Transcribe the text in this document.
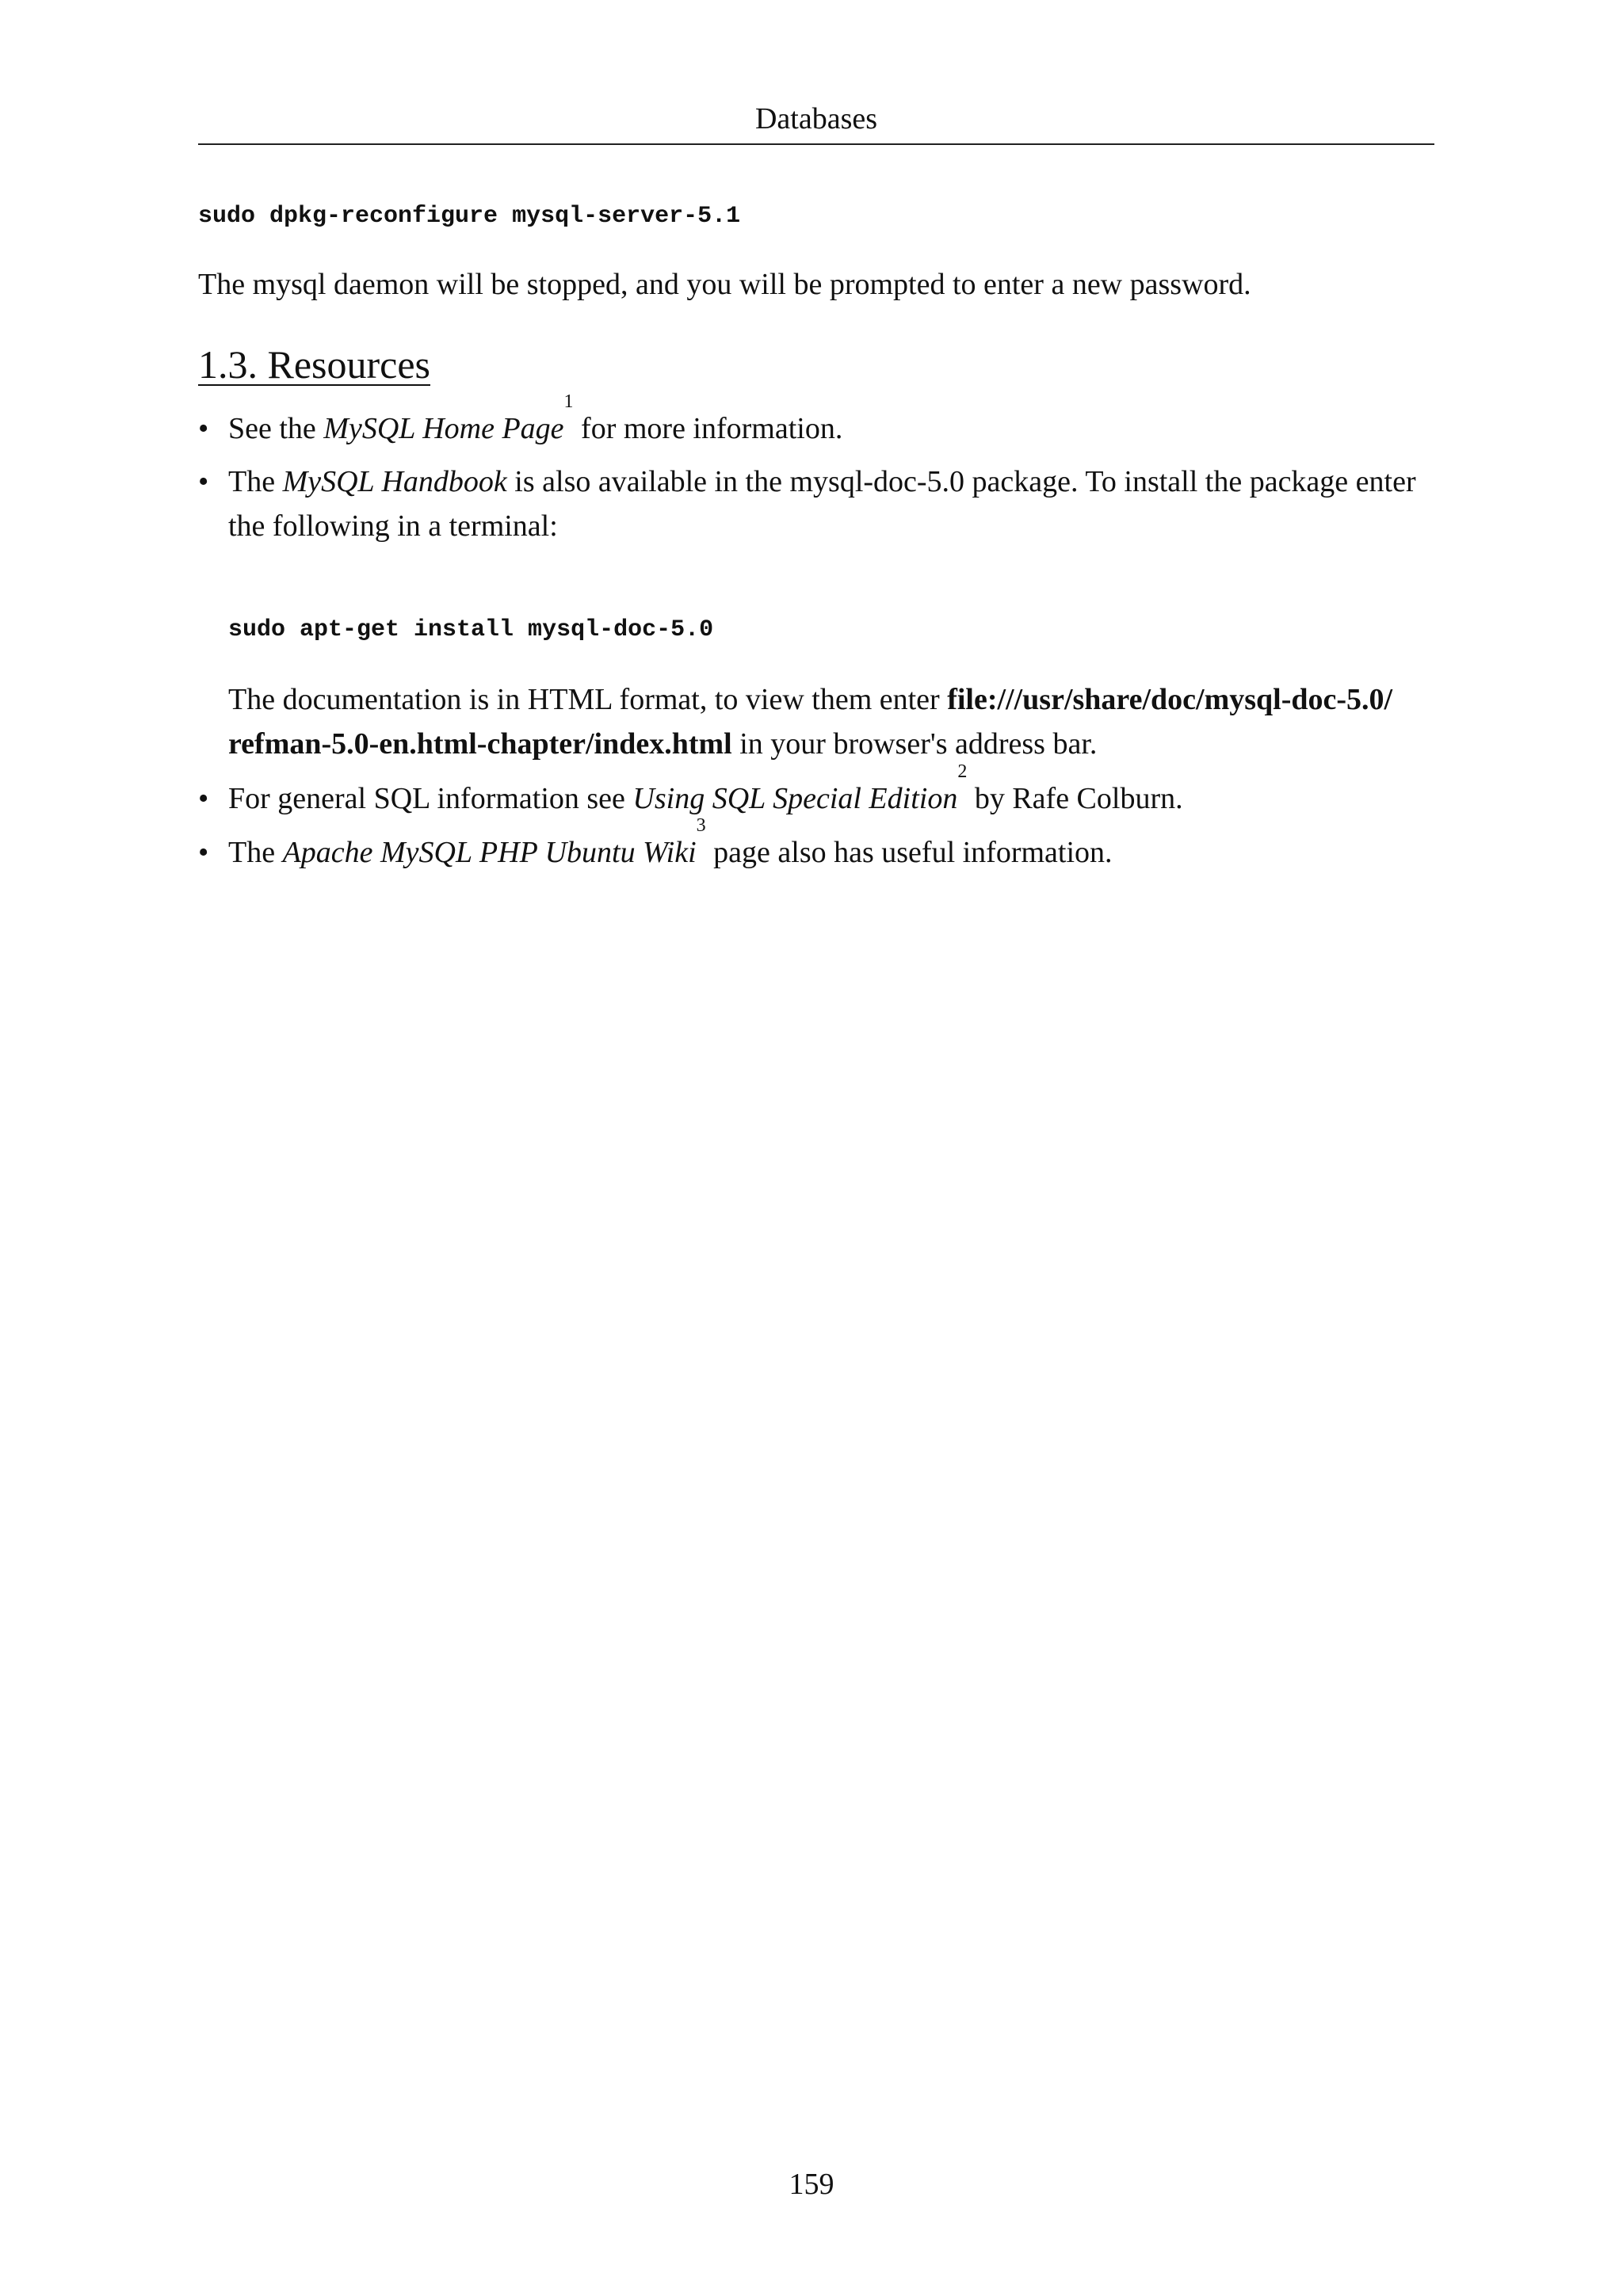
Databases
sudo dpkg-reconfigure mysql-server-5.1
The mysql daemon will be stopped, and you will be prompted to enter a new password.
1.3. Resources
• See the MySQL Home Page$^1$ for more information.
• The MySQL Handbook is also available in the mysql-doc-5.0 package. To install the package enter
the following in a terminal:
sudo apt-get install mysql-doc-5.0
The documentation is in HTML format, to view them enter file:///usr/share/doc/mysql-doc-5.0/
refman-5.0-en.html-chapter/index.html in your browser's address bar.
• For general SQL information see Using SQL Special Edition$^2$ by Rafe Colburn.
• The Apache MySQL PHP Ubuntu Wiki$^3$ page also has useful information.
159
